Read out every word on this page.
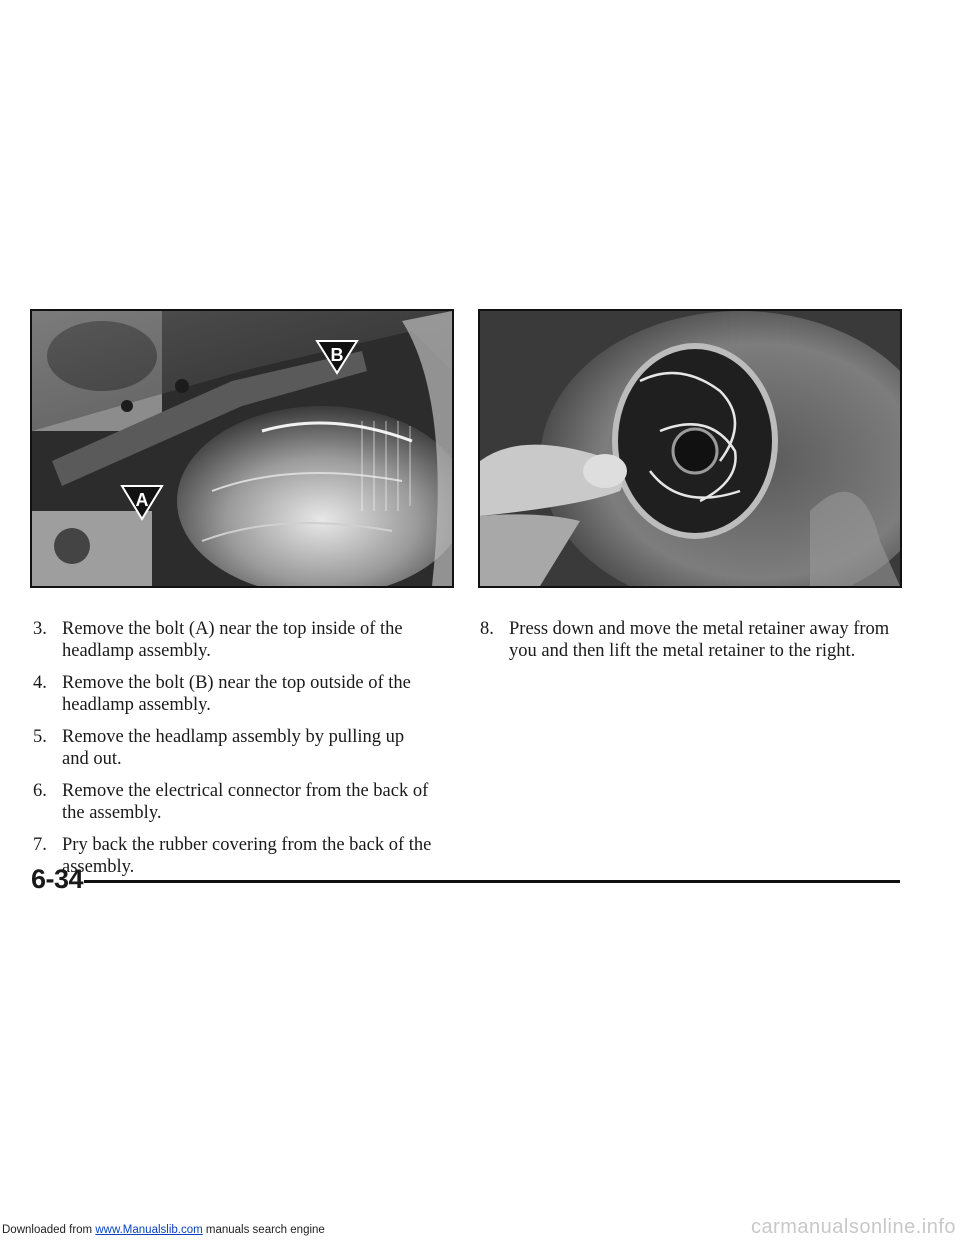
B
A
3. Remove the bolt (A) near the top inside of the headlamp assembly.
4. Remove the bolt (B) near the top outside of the headlamp assembly.
5. Remove the headlamp assembly by pulling up and out.
6. Remove the electrical connector from the back of the assembly.
7. Pry back the rubber covering from the back of the assembly.
8. Press down and move the metal retainer away from you and then lift the metal retainer to the right.
6-34
Downloaded from www.Manualslib.com manuals search engine	carmanualsonline.info
